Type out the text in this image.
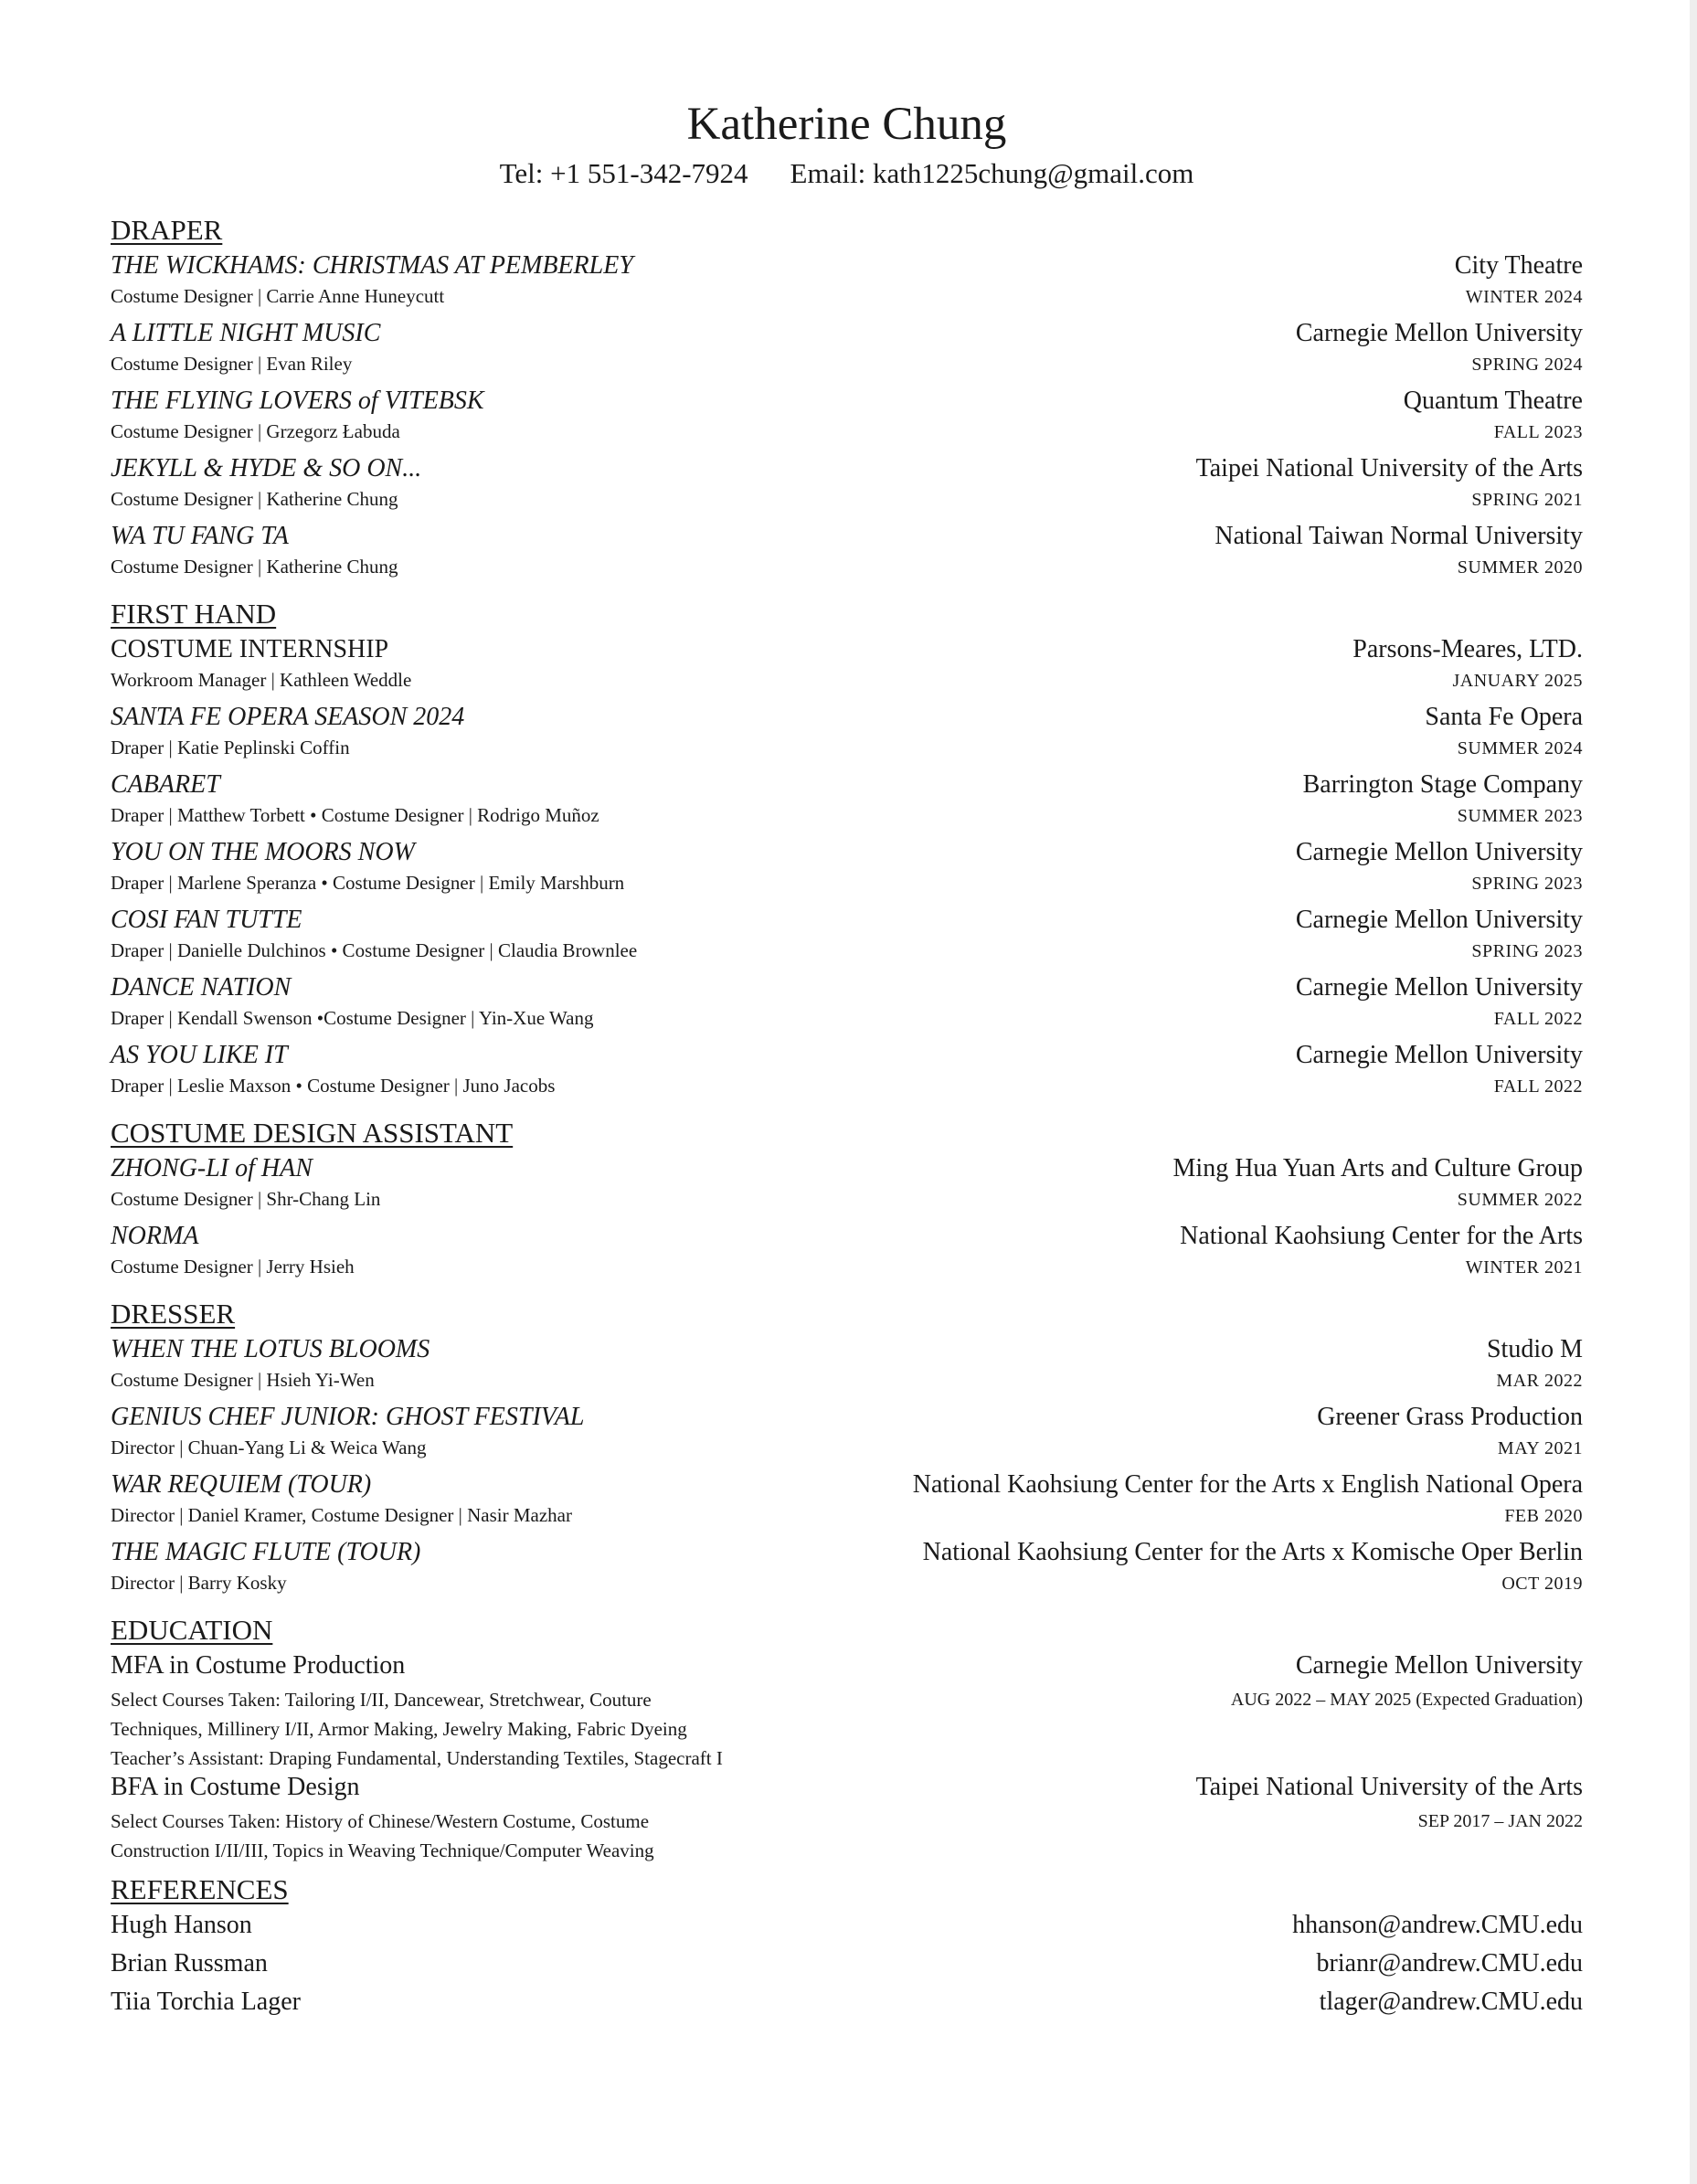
Katherine Chung
Tel: +1 551-342-7924 Email: kath1225chung@gmail.com
DRAPER
THE WICKHAMS: CHRISTMAS AT PEMBERLEY	City Theatre
Costume Designer | Carrie Anne Huneycutt	WINTER 2024
A LITTLE NIGHT MUSIC	Carnegie Mellon University
Costume Designer | Evan Riley	SPRING 2024
THE FLYING LOVERS of VITEBSK	Quantum Theatre
Costume Designer | Grzegorz Łabuda	FALL 2023
JEKYLL & HYDE & SO ON...	Taipei National University of the Arts
Costume Designer | Katherine Chung	SPRING 2021
WA TU FANG TA	National Taiwan Normal University
Costume Designer | Katherine Chung	SUMMER 2020
FIRST HAND
COSTUME INTERNSHIP	Parsons-Meares, LTD.
Workroom Manager | Kathleen Weddle	JANUARY 2025
SANTA FE OPERA SEASON 2024	Santa Fe Opera
Draper | Katie Peplinski Coffin	SUMMER 2024
CABARET	Barrington Stage Company
Draper | Matthew Torbett • Costume Designer | Rodrigo Muñoz	SUMMER 2023
YOU ON THE MOORS NOW	Carnegie Mellon University
Draper | Marlene Speranza • Costume Designer | Emily Marshburn	SPRING 2023
COSI FAN TUTTE	Carnegie Mellon University
Draper | Danielle Dulchinos • Costume Designer | Claudia Brownlee	SPRING 2023
DANCE NATION	Carnegie Mellon University
Draper | Kendall Swenson •Costume Designer | Yin-Xue Wang	FALL 2022
AS YOU LIKE IT	Carnegie Mellon University
Draper | Leslie Maxson • Costume Designer | Juno Jacobs	FALL 2022
COSTUME DESIGN ASSISTANT
ZHONG-LI of HAN	Ming Hua Yuan Arts and Culture Group
Costume Designer | Shr-Chang Lin	SUMMER 2022
NORMA	National Kaohsiung Center for the Arts
Costume Designer | Jerry Hsieh	WINTER 2021
DRESSER
WHEN THE LOTUS BLOOMS	Studio M
Costume Designer | Hsieh Yi-Wen	MAR 2022
GENIUS CHEF JUNIOR: GHOST FESTIVAL	Greener Grass Production
Director | Chuan-Yang Li & Weica Wang	MAY 2021
WAR REQUIEM (TOUR)	National Kaohsiung Center for the Arts x English National Opera
Director | Daniel Kramer, Costume Designer | Nasir Mazhar	FEB 2020
THE MAGIC FLUTE (TOUR)	National Kaohsiung Center for the Arts x Komische Oper Berlin
Director | Barry Kosky	OCT 2019
EDUCATION
MFA in Costume Production	Carnegie Mellon University
Select Courses Taken: Tailoring I/II, Dancewear, Stretchwear, Couture
Techniques, Millinery I/II, Armor Making, Jewelry Making, Fabric Dyeing
Teacher’s Assistant: Draping Fundamental, Understanding Textiles, Stagecraft I
AUG 2022 – MAY 2025 (Expected Graduation)
BFA in Costume Design	Taipei National University of the Arts
Select Courses Taken: History of Chinese/Western Costume, Costume
Construction I/II/III, Topics in Weaving Technique/Computer Weaving
SEP 2017 – JAN 2022
REFERENCES
Hugh Hanson	hhanson@andrew.CMU.edu
Brian Russman	brianr@andrew.CMU.edu
Tiia Torchia Lager	tlager@andrew.CMU.edu
